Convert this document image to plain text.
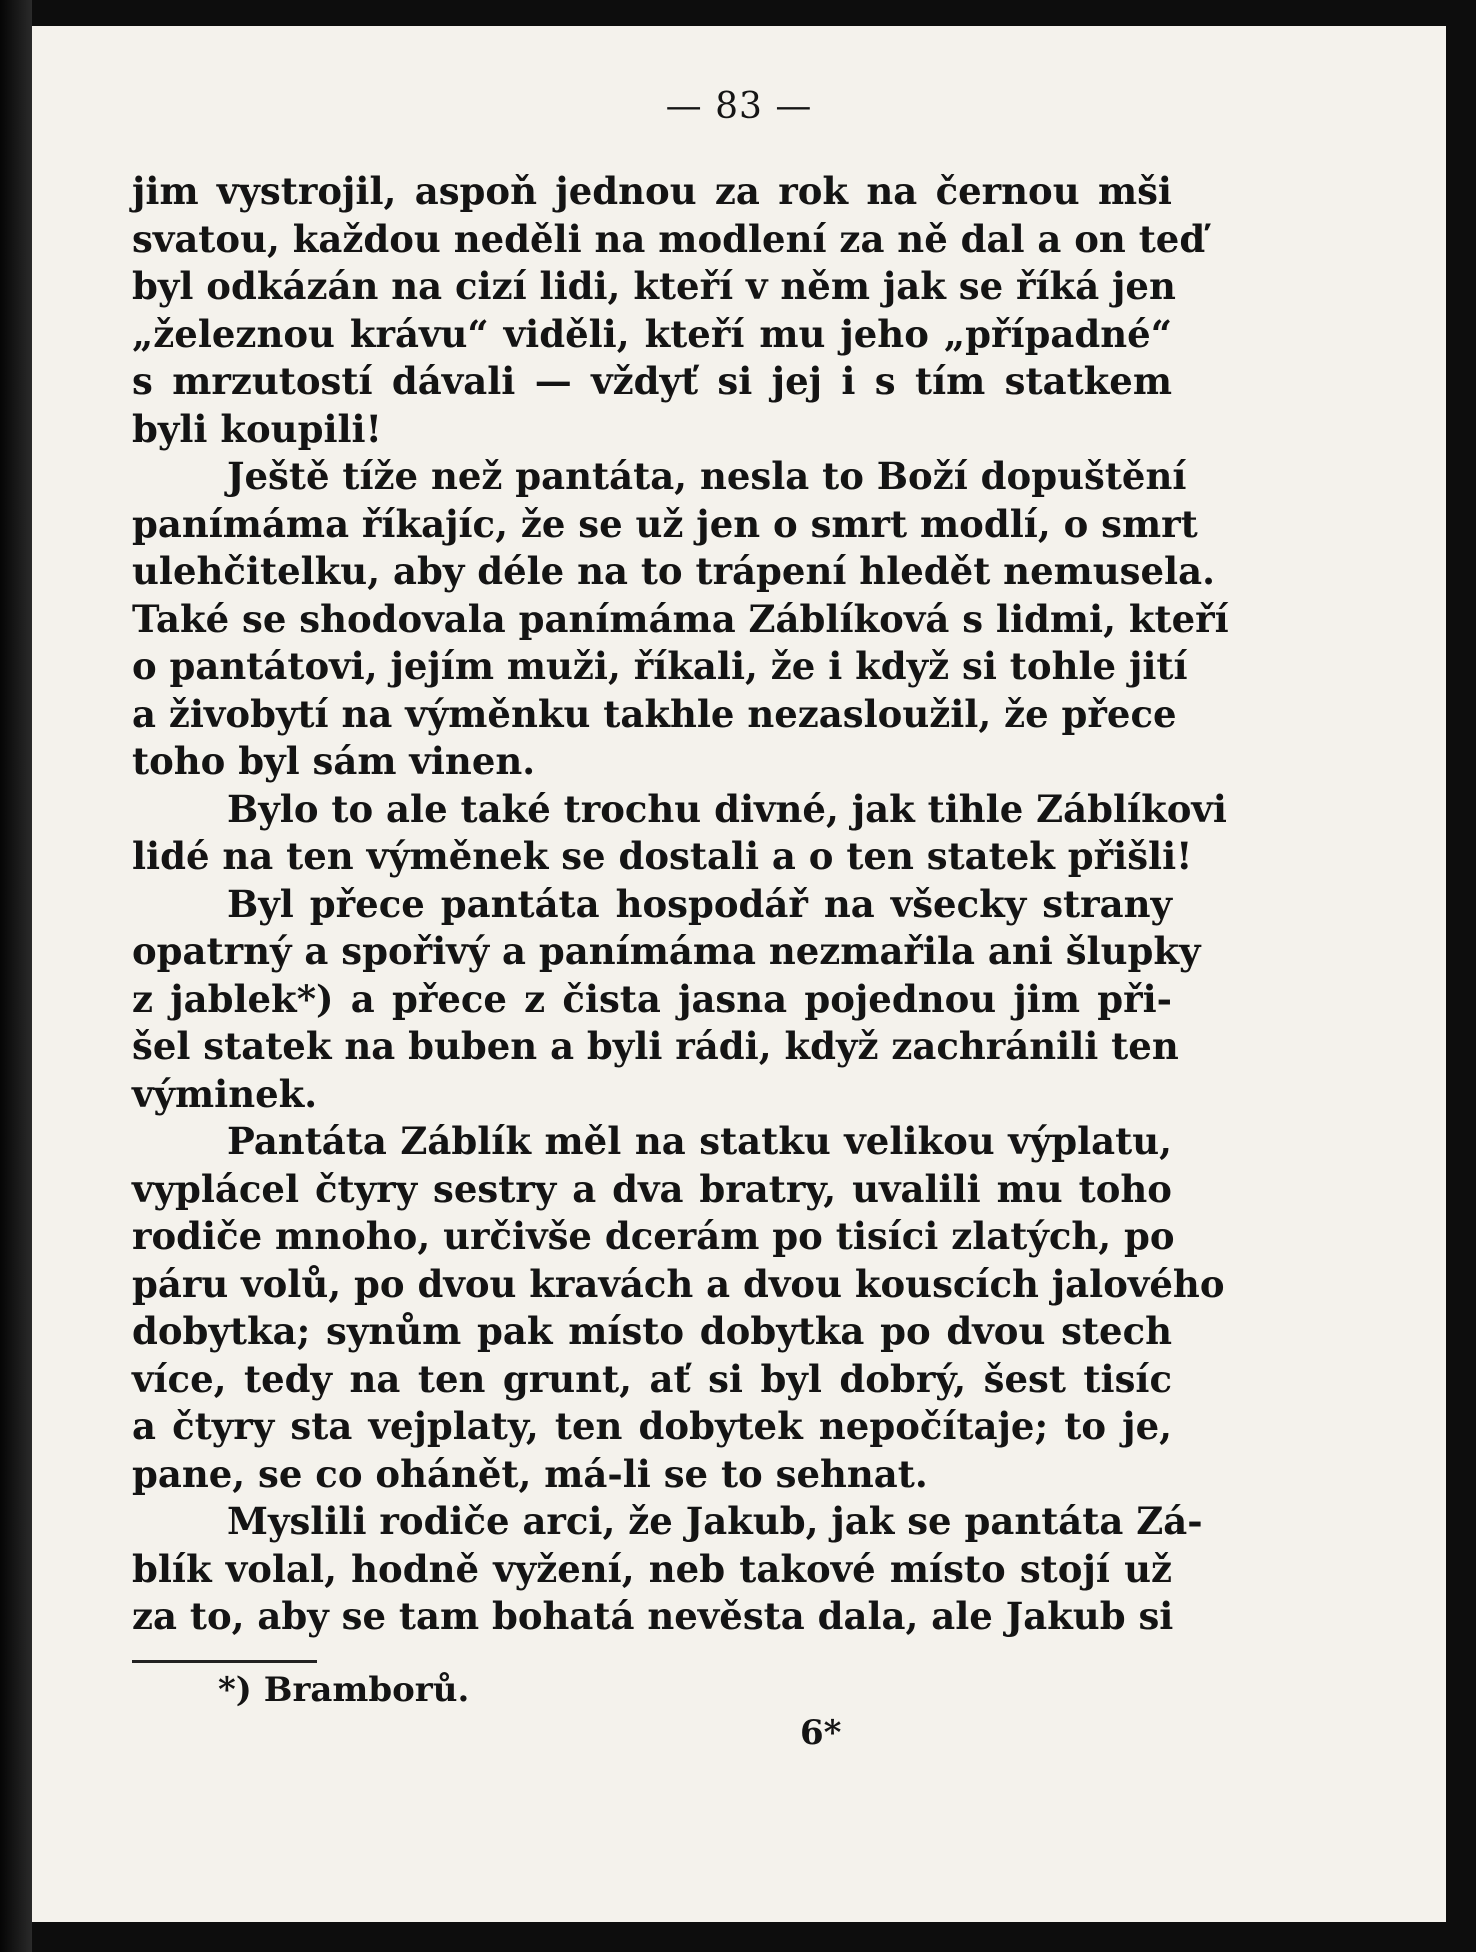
— 83 —
jim vystrojil, aspoň jednou za rok na černou mši
svatou, každou neděli na modlení za ně dal a on teď
byl odkázán na cizí lidi, kteří v něm jak se říká jen
„železnou krávu“ viděli, kteří mu jeho „případné“
s mrzutostí dávali — vždyť si jej i s tím statkem
byli koupili!
Ještě tíže než pantáta, nesla to Boží dopuštění
panímáma říkajíc, že se už jen o smrt modlí, o smrt
ulehčitelku, aby déle na to trápení hledět nemusela.
Také se shodovala panímáma Záblíková s lidmi, kteří
o pantátovi, jejím muži, říkali, že i když si tohle jití
a živobytí na výměnku takhle nezasloužil, že přece
toho byl sám vinen.
Bylo to ale také trochu divné, jak tihle Záblíkovi
lidé na ten výměnek se dostali a o ten statek přišli!
Byl přece pantáta hospodář na všecky strany
opatrný a spořivý a panímáma nezmařila ani šlupky
z jablek*) a přece z čista jasna pojednou jim při-
šel statek na buben a byli rádi, když zachránili ten
výminek.
Pantáta Záblík měl na statku velikou výplatu,
vyplácel čtyry sestry a dva bratry, uvalili mu toho
rodiče mnoho, určivše dcerám po tisíci zlatých, po
páru volů, po dvou kravách a dvou kouscích jalového
dobytka; synům pak místo dobytka po dvou stech
více, tedy na ten grunt, ať si byl dobrý, šest tisíc
a čtyry sta vejplaty, ten dobytek nepočítaje; to je,
pane, se co ohánět, má-li se to sehnat.
Myslili rodiče arci, že Jakub, jak se pantáta Zá-
blík volal, hodně vyžení, neb takové místo stojí už
za to, aby se tam bohatá nevěsta dala, ale Jakub si
*) Bramborů.
6*
